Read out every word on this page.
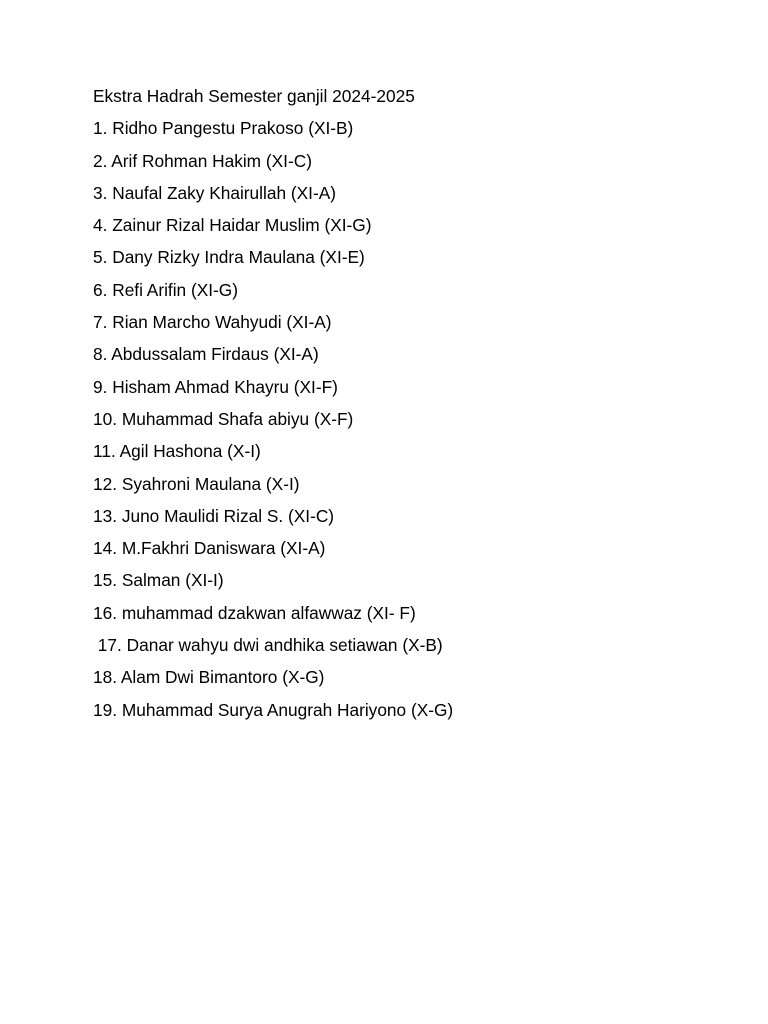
Ekstra Hadrah Semester ganjil 2024-2025
1. Ridho Pangestu Prakoso (XI-B)
2. Arif Rohman Hakim (XI-C)
3. Naufal Zaky Khairullah (XI-A)
4. Zainur Rizal Haidar Muslim (XI-G)
5. Dany Rizky Indra Maulana (XI-E)
6. Refi Arifin (XI-G)
7. Rian Marcho Wahyudi (XI-A)
8. Abdussalam Firdaus (XI-A)
9. Hisham Ahmad Khayru (XI-F)
10. Muhammad Shafa abiyu (X-F)
11. Agil Hashona (X-I)
12. Syahroni Maulana (X-I)
13. Juno Maulidi Rizal S. (XI-C)
14. M.Fakhri Daniswara (XI-A)
15. Salman (XI-I)
16. muhammad dzakwan alfawwaz (XI- F)
17. Danar wahyu dwi andhika setiawan (X-B)
18. Alam Dwi Bimantoro (X-G)
19. Muhammad Surya Anugrah Hariyono (X-G)
